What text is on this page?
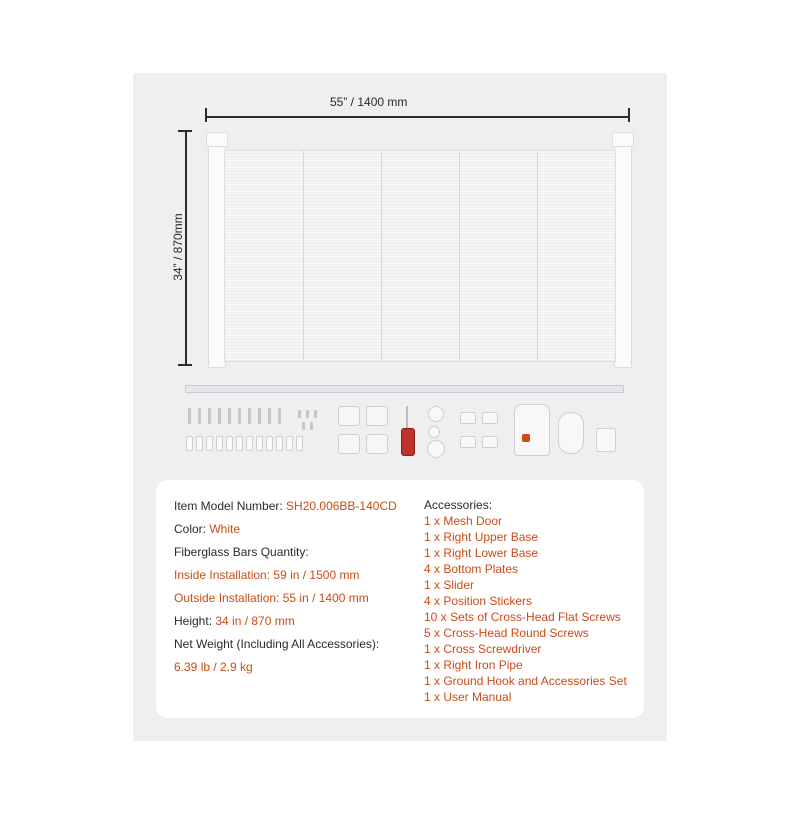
55” / 1400 mm
34” / 870mm
Item Model Number: SH20.006BB-140CD
Color: White
Fiberglass Bars Quantity:
Inside Installation: 59 in / 1500 mm
Outside Installation: 55 in / 1400 mm
Height: 34 in / 870 mm
Net Weight (Including All Accessories):
6.39 lb / 2.9 kg
Accessories:
1 x Mesh Door
1 x Right Upper Base
1 x Right Lower Base
4 x Bottom Plates
1 x Slider
4 x Position Stickers
10 x Sets of Cross-Head Flat Screws
5 x Cross-Head Round Screws
1 x Cross Screwdriver
1 x Right Iron Pipe
1 x Ground Hook and Accessories Set
1 x User Manual
